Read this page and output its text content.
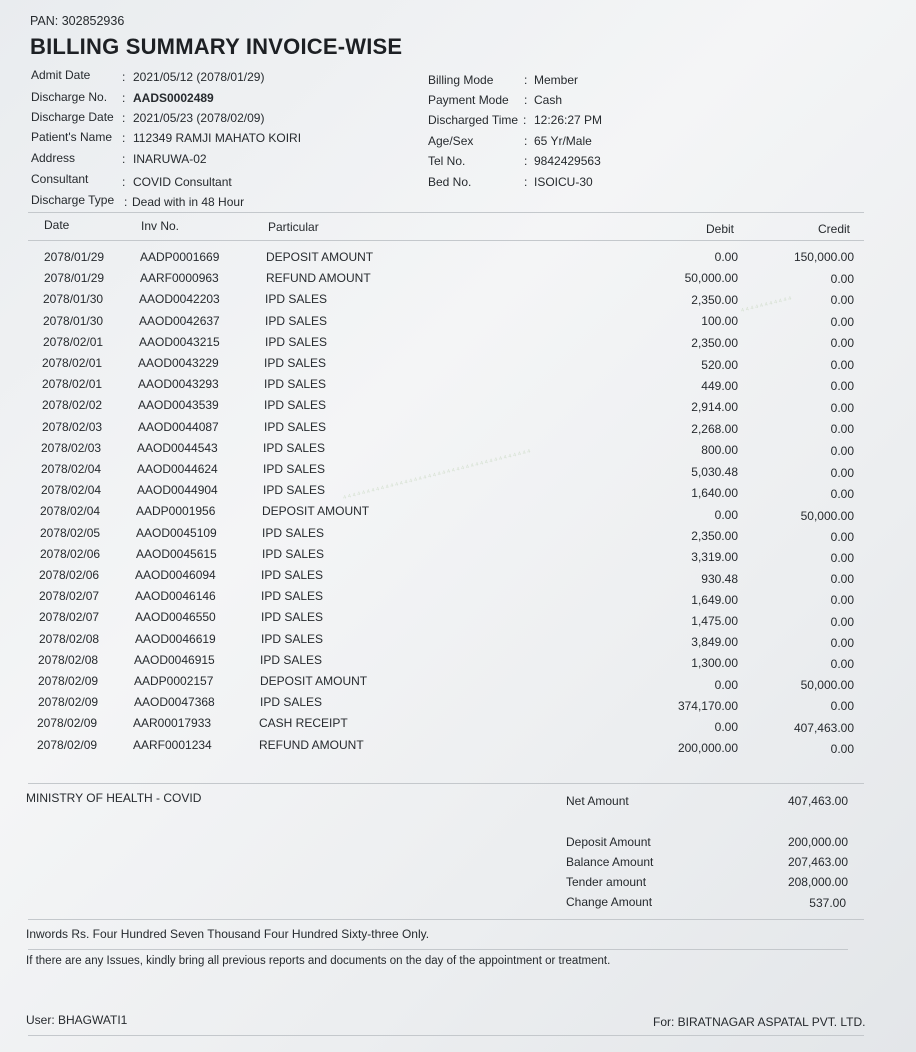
PAN: 302852936
BILLING SUMMARY INVOICE-WISE
Admit Date	: 2021/05/12 (2078/01/29)
Discharge No. : AADS0002489
Discharge Date : 2021/05/23 (2078/02/09)
Patient's Name : 112349 RAMJI MAHATO KOIRI
Address	: INARUWA-02
Consultant	: COVID Consultant
Discharge Type : Dead with in 48 Hour
Billing Mode	: Member
Payment Mode : Cash
Discharged Time : 12:26:27 PM
Age/Sex	: 65 Yr/Male
Tel No.	: 9842429563
Bed No.	: ISOICU-30
Date	Inv No.	Particular	Debit	Credit
2078/01/29	AADP0001669	DEPOSIT AMOUNT	0.00	150,000.00
2078/01/29	AARF0000963	REFUND AMOUNT	50,000.00	0.00
2078/01/30	AAOD0042203	IPD SALES	2,350.00	0.00
2078/01/30	AAOD0042637	IPD SALES	100.00	0.00
2078/02/01	AAOD0043215	IPD SALES	2,350.00	0.00
2078/02/01	AAOD0043229	IPD SALES	520.00	0.00
2078/02/01	AAOD0043293	IPD SALES	449.00	0.00
2078/02/02	AAOD0043539	IPD SALES	2,914.00	0.00
2078/02/03	AAOD0044087	IPD SALES	2,268.00	0.00
2078/02/03	AAOD0044543	IPD SALES	800.00	0.00
2078/02/04	AAOD0044624	IPD SALES	5,030.48	0.00
2078/02/04	AAOD0044904	IPD SALES	1,640.00	0.00
2078/02/04	AADP0001956	DEPOSIT AMOUNT	0.00	50,000.00
2078/02/05	AAOD0045109	IPD SALES	2,350.00	0.00
2078/02/06	AAOD0045615	IPD SALES	3,319.00	0.00
2078/02/06	AAOD0046094	IPD SALES	930.48	0.00
2078/02/07	AAOD0046146	IPD SALES	1,649.00	0.00
2078/02/07	AAOD0046550	IPD SALES	1,475.00	0.00
2078/02/08	AAOD0046619	IPD SALES	3,849.00	0.00
2078/02/08	AAOD0046915	IPD SALES	1,300.00	0.00
2078/02/09	AADP0002157	DEPOSIT AMOUNT	0.00	50,000.00
2078/02/09	AAOD0047368	IPD SALES	374,170.00	0.00
2078/02/09	AAR00017933	CASH RECEIPT	0.00	407,463.00
2078/02/09	AARF0001234	REFUND AMOUNT	200,000.00	0.00
⁴⁴⁴⁴⁴⁴⁴⁴⁴⁴⁴⁴⁴⁴⁴⁴⁴⁴⁴⁴⁴⁴⁴⁴⁴⁴⁴⁴⁴⁴⁴⁴⁴⁴⁴⁴⁴⁴⁴⁴
⁴⁴⁴⁴⁴⁴⁴⁴⁴⁴⁴
MINISTRY OF HEALTH - COVID	Net Amount	407,463.00
Deposit Amount	200,000.00
Balance Amount	207,463.00
Tender amount	208,000.00
Change Amount	537.00
Inwords Rs. Four Hundred Seven Thousand Four Hundred Sixty-three Only.
If there are any Issues, kindly bring all previous reports and documents on the day of the appointment or treatment.
User: BHAGWATI1	For: BIRATNAGAR ASPATAL PVT. LTD.
